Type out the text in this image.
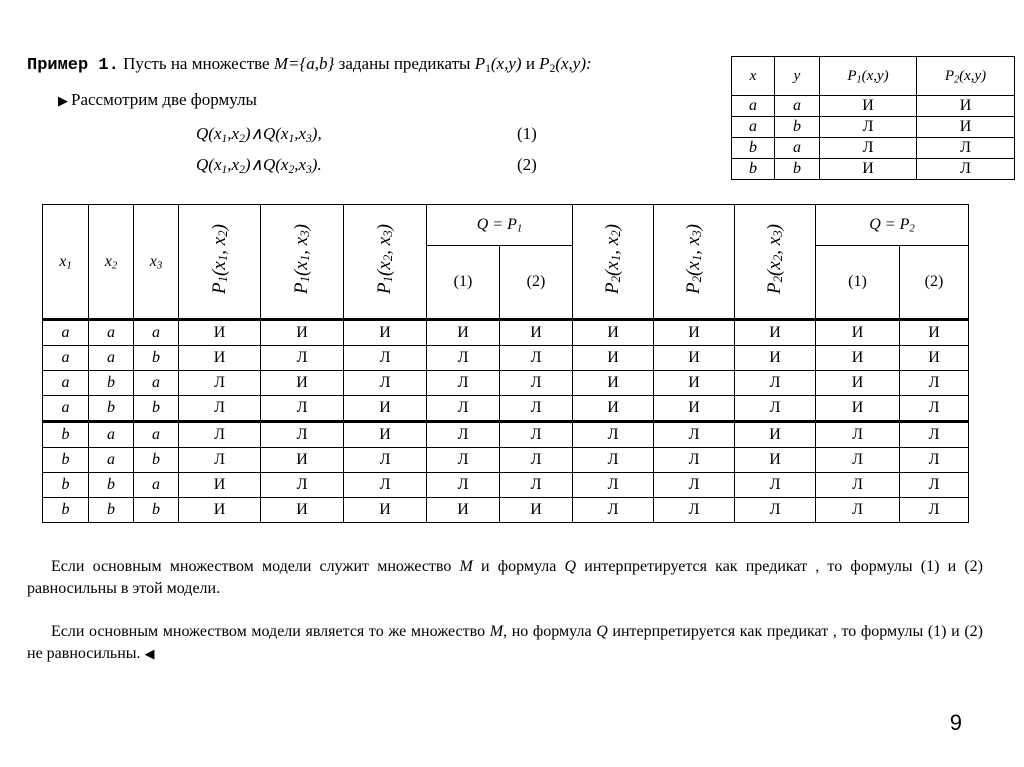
Пример 1. Пусть на множестве M={a,b} заданы предикаты $P_1(x,y)$ и $P_2(x,y)$:
▶ Рассмотрим две формулы
$Q(x_1,x_2)\wedge Q(x_1,x_3)$,	(1)
$Q(x_1,x_2)\wedge Q(x_2,x_3)$.	(2)
x	y	$P_1(x,y)$	$P_2(x,y)$
a	a	И	И
a	b	Л	И
b	a	Л	Л
b	b	И	Л
$x_1$	$x_2$	$x_3$	$P_1(x_1$, $x_2$)	$P_1(x_1$, $x_3$)	$P_1(x_2$, $x_3$)	$Q = P_1$		$P_2(x_1$, $x_2$)	$P_2(x_1$, $x_3$)	$P_2(x_2$, $x_3$)	$Q = P_2$
						(1)	(2)				(1)	(2)
a	a	a	И	И	И	И	И	И	И	И	И	И
a	a	b	И	Л	Л	Л	Л	И	И	И	И	И
a	b	a	Л	И	Л	Л	Л	И	И	Л	И	Л
a	b	b	Л	Л	И	Л	Л	И	И	Л	И	Л
b	a	a	Л	Л	И	Л	Л	Л	Л	И	Л	Л
b	a	b	Л	И	Л	Л	Л	Л	Л	И	Л	Л
b	b	a	И	Л	Л	Л	Л	Л	Л	Л	Л	Л
b	b	b	И	И	И	И	И	Л	Л	Л	Л	Л
Если основным множеством модели служит множество M и формула Q интерпретируется как предикат , то формулы (1) и (2) равносильны в этой модели.
Если основным множеством модели является то же множество M, но формула Q интерпретируется как предикат , то формулы (1) и (2) не равносильны. ◀
9
